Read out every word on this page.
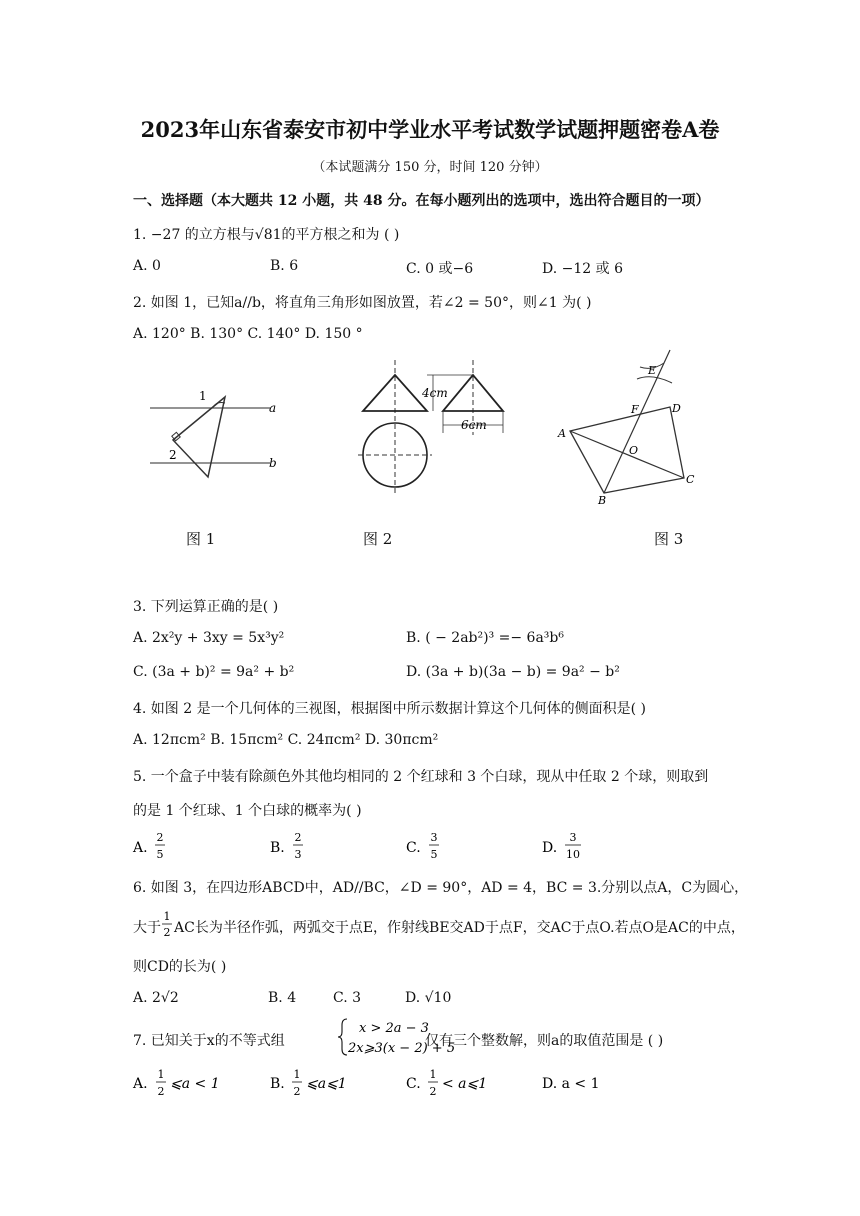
2023年山东省泰安市初中学业水平考试数学试题押题密卷A卷
（本试题满分 150 分，时间 120 分钟）
一、选择题（本大题共 12 小题，共 48 分。在每小题列出的选项中，选出符合题目的一项）
1. −27 的立方根与√81的平方根之和为 ( )
A. 0	B. 6	C. 0 或−6	D. −12 或 6
2. 如图 1，已知a//b，将直角三角形如图放置，若∠2 = 50°，则∠1 为( )
A. 120° B. 130° C. 140° D. 150 °
1
2
a
b
图 1
4cm
6cm
图 2
E
F	D
A
O
B
C
图 3
3. 下列运算正确的是( )
A. 2x²y + 3xy = 5x³y²	B. ( − 2ab²)³ =− 6a³b⁶
C. (3a + b)² = 9a² + b²	D. (3a + b)(3a − b) = 9a² − b²
4. 如图 2 是一个几何体的三视图，根据图中所示数据计算这个几何体的侧面积是( )
A. 12πcm² B. 15πcm² C. 24πcm² D. 30πcm²
5. 一个盒子中装有除颜色外其他均相同的 2 个红球和 3 个白球，现从中任取 2 个球，则取到
的是 1 个红球、1 个白球的概率为( )
A.
2
5	B.
2
3	C.
3
5	D.
3
10
6. 如图 3，在四边形ABCD中，AD//BC，∠D = 90°，AD = 4，BC = 3.分别以点A，C为圆心，
大于
1
2 AC长为半径作弧，两弧交于点E，作射线BE交AD于点F，交AC于点O.若点O是AC的中点，
则CD的长为( )
A. 2√2	B. 4	C. 3	D. √10
7. 已知关于x的不等式组
x > 2a − 3
2x⩾3(x − 2) + 5
仅有三个整数解，则a的取值范围是 ( )
A.
1
2 ⩽a < 1	B.
1
2 ⩽a⩽1	C.
1
2 < a⩽1	D. a < 1
